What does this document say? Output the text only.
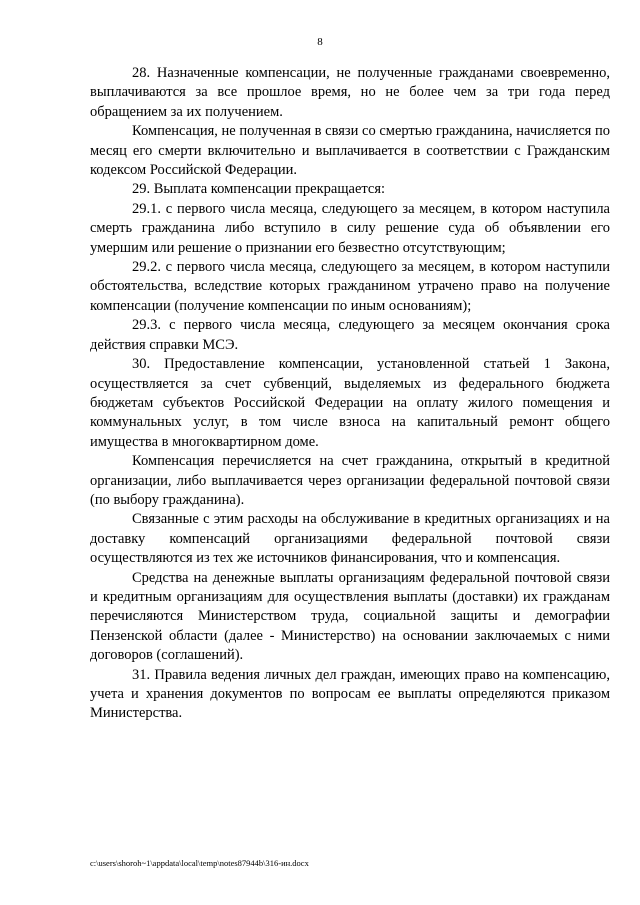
8

28. Назначенные компенсации, не полученные гражданами своевременно, выплачиваются за все прошлое время, но не более чем за три года перед обращением за их получением.

Компенсация, не полученная в связи со смертью гражданина, начисляется по месяц его смерти включительно и выплачивается в соответствии с Гражданским кодексом Российской Федерации.

29. Выплата компенсации прекращается:

29.1. с первого числа месяца, следующего за месяцем, в котором наступила смерть гражданина либо вступило в силу решение суда об объявлении его умершим или решение о признании его безвестно отсутствующим;

29.2. с первого числа месяца, следующего за месяцем, в котором наступили обстоятельства, вследствие которых гражданином утрачено право на получение компенсации (получение компенсации по иным основаниям);

29.3. с первого числа месяца, следующего за месяцем окончания срока действия справки МСЭ.

30. Предоставление компенсации, установленной статьей 1 Закона, осуществляется за счет субвенций, выделяемых из федерального бюджета бюджетам субъектов Российской Федерации на оплату жилого помещения и коммунальных услуг, в том числе взноса на капитальный ремонт общего имущества в многоквартирном доме.

Компенсация перечисляется на счет гражданина, открытый в кредитной организации, либо выплачивается через организации федеральной почтовой связи (по выбору гражданина).

Связанные с этим расходы на обслуживание в кредитных организациях и на доставку компенсаций организациями федеральной почтовой связи осуществляются из тех же источников финансирования, что и компенсация.

Средства на денежные выплаты организациям федеральной почтовой связи и кредитным организациям для осуществления выплаты (доставки) их гражданам перечисляются Министерством труда, социальной защиты и демографии Пензенской области (далее - Министерство) на основании заключаемых с ними договоров (соглашений).

31. Правила ведения личных дел граждан, имеющих право на компенсацию, учета и хранения документов по вопросам ее выплаты определяются приказом Министерства.

c:\users\shoroh~1\appdata\local\temp\notes87944b\316-ин.docx
